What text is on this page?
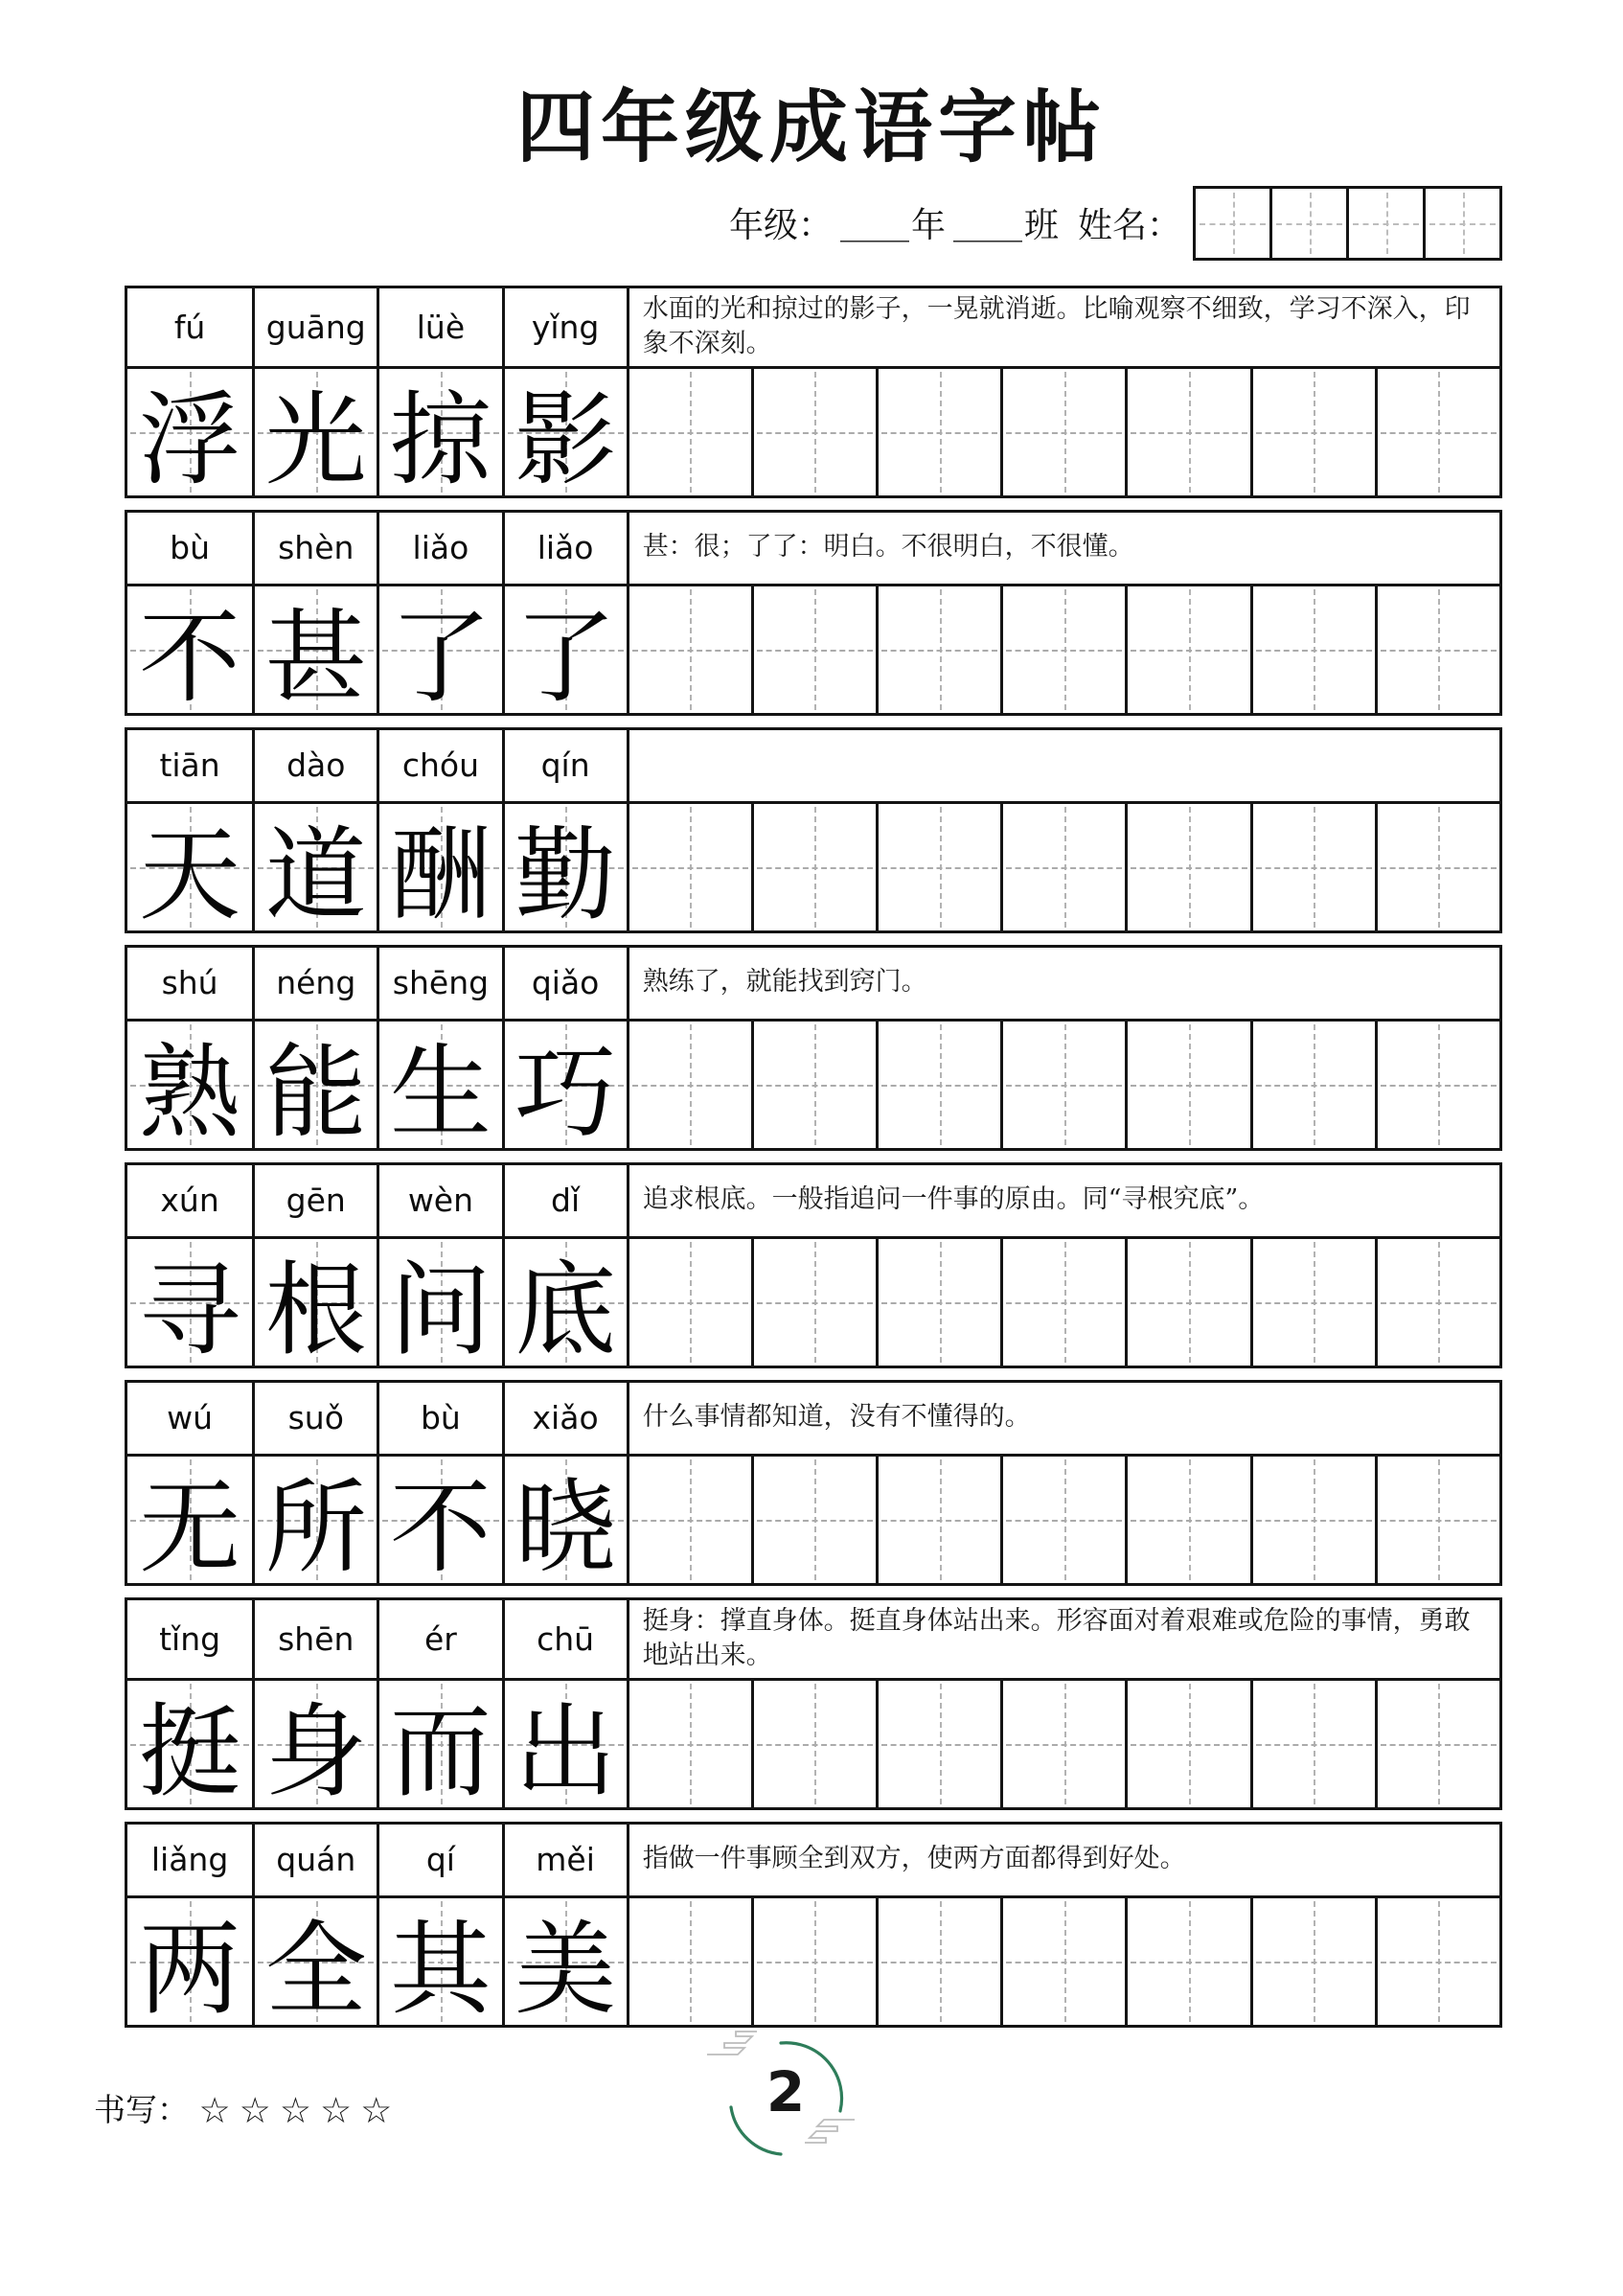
四年级成语字帖
年级： ____ 年 ____ 班 姓名：
fú	guāng	lüè	yǐng	水面的光和掠过的影子，一晃就消逝。比喻观察不细致，学习不深入，印象不深刻。
浮 光 掠 影
bù	shèn	liǎo	liǎo	甚：很；了了：明白。不很明白，不很懂。
不 甚 了 了
tiān	dào	chóu	qín
天 道 酬 勤
shú	néng	shēng	qiǎo	熟练了，就能找到窍门。
熟 能 生 巧
xún	gēn	wèn	dǐ	追求根底。一般指追问一件事的原由。同“寻根究底”。
寻 根 问 底
wú	suǒ	bù	xiǎo	什么事情都知道，没有不懂得的。
无 所 不 晓
tǐng	shēn	ér	chū	挺身：撑直身体。挺直身体站出来。形容面对着艰难或危险的事情，勇敢地站出来。
挺 身 而 出
liǎng	quán	qí	měi	指做一件事顾全到双方，使两方面都得到好处。
两 全 其 美
书写： ☆☆☆☆☆	2
